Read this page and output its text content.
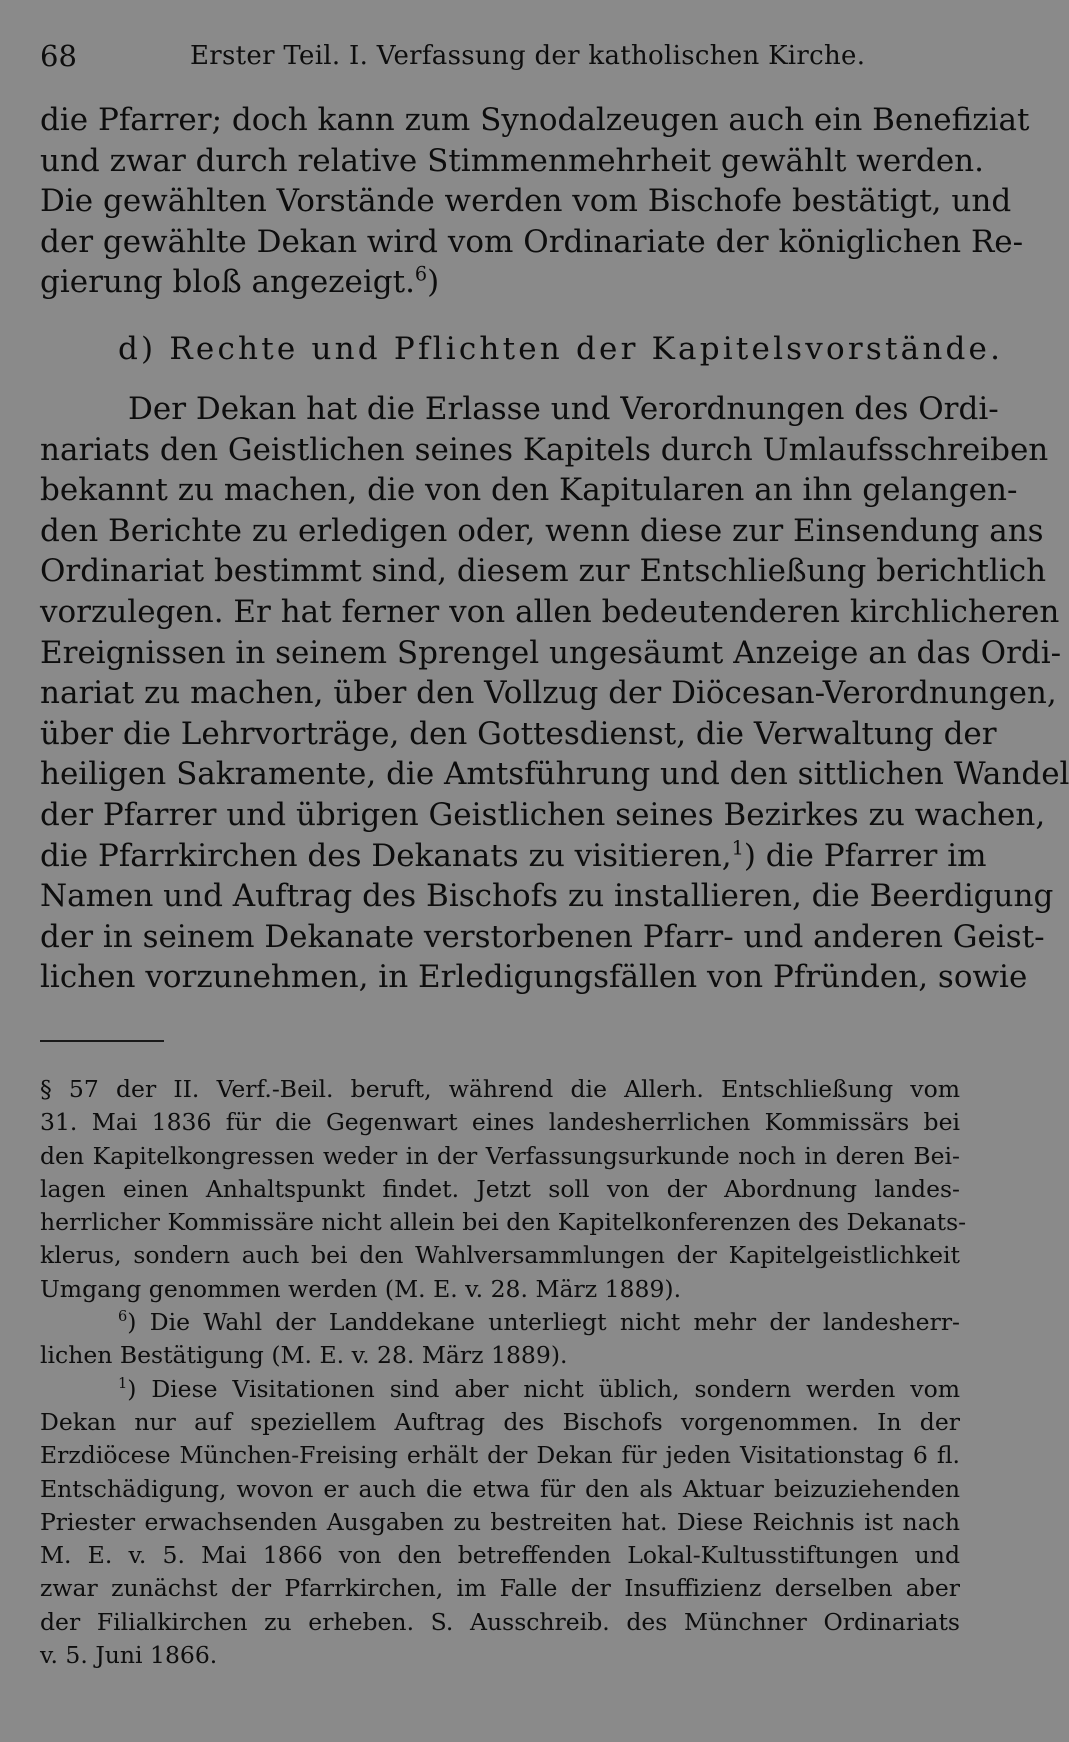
68	Erster Teil. I. Verfassung der katholischen Kirche.
die Pfarrer; doch kann zum Synodalzeugen auch ein Benefiziat
und zwar durch relative Stimmenmehrheit gewählt werden.
Die gewählten Vorstände werden vom Bischofe bestätigt, und
der gewählte Dekan wird vom Ordinariate der königlichen Re-
gierung bloß angezeigt.$^6$)
d) Rechte und Pflichten der Kapitelsvorstände.
Der Dekan hat die Erlasse und Verordnungen des Ordi-
nariats den Geistlichen seines Kapitels durch Umlaufsschreiben
bekannt zu machen, die von den Kapitularen an ihn gelangen-
den Berichte zu erledigen oder, wenn diese zur Einsendung ans
Ordinariat bestimmt sind, diesem zur Entschließung berichtlich
vorzulegen. Er hat ferner von allen bedeutenderen kirchlicheren
Ereignissen in seinem Sprengel ungesäumt Anzeige an das Ordi-
nariat zu machen, über den Vollzug der Diöcesan-Verordnungen,
über die Lehrvorträge, den Gottesdienst, die Verwaltung der
heiligen Sakramente, die Amtsführung und den sittlichen Wandel
der Pfarrer und übrigen Geistlichen seines Bezirkes zu wachen,
die Pfarrkirchen des Dekanats zu visitieren,$^1$) die Pfarrer im
Namen und Auftrag des Bischofs zu installieren, die Beerdigung
der in seinem Dekanate verstorbenen Pfarr- und anderen Geist-
lichen vorzunehmen, in Erledigungsfällen von Pfründen, sowie
§ 57 der II. Verf.-Beil. beruft, während die Allerh. Entschließung vom
31. Mai 1836 für die Gegenwart eines landesherrlichen Kommissärs bei
den Kapitelkongressen weder in der Verfassungsurkunde noch in deren Bei-
lagen einen Anhaltspunkt findet. Jetzt soll von der Abordnung landes-
herrlicher Kommissäre nicht allein bei den Kapitelkonferenzen des Dekanats-
klerus, sondern auch bei den Wahlversammlungen der Kapitelgeistlichkeit
Umgang genommen werden (M. E. v. 28. März 1889).
$^6$) Die Wahl der Landdekane unterliegt nicht mehr der landesherr-
lichen Bestätigung (M. E. v. 28. März 1889).
$^1$) Diese Visitationen sind aber nicht üblich, sondern werden vom
Dekan nur auf speziellem Auftrag des Bischofs vorgenommen. In der
Erzdiöcese München-Freising erhält der Dekan für jeden Visitationstag 6 fl.
Entschädigung, wovon er auch die etwa für den als Aktuar beizuziehenden
Priester erwachsenden Ausgaben zu bestreiten hat. Diese Reichnis ist nach
M. E. v. 5. Mai 1866 von den betreffenden Lokal-Kultusstiftungen und
zwar zunächst der Pfarrkirchen, im Falle der Insuffizienz derselben aber
der Filialkirchen zu erheben. S. Ausschreib. des Münchner Ordinariats
v. 5. Juni 1866.
